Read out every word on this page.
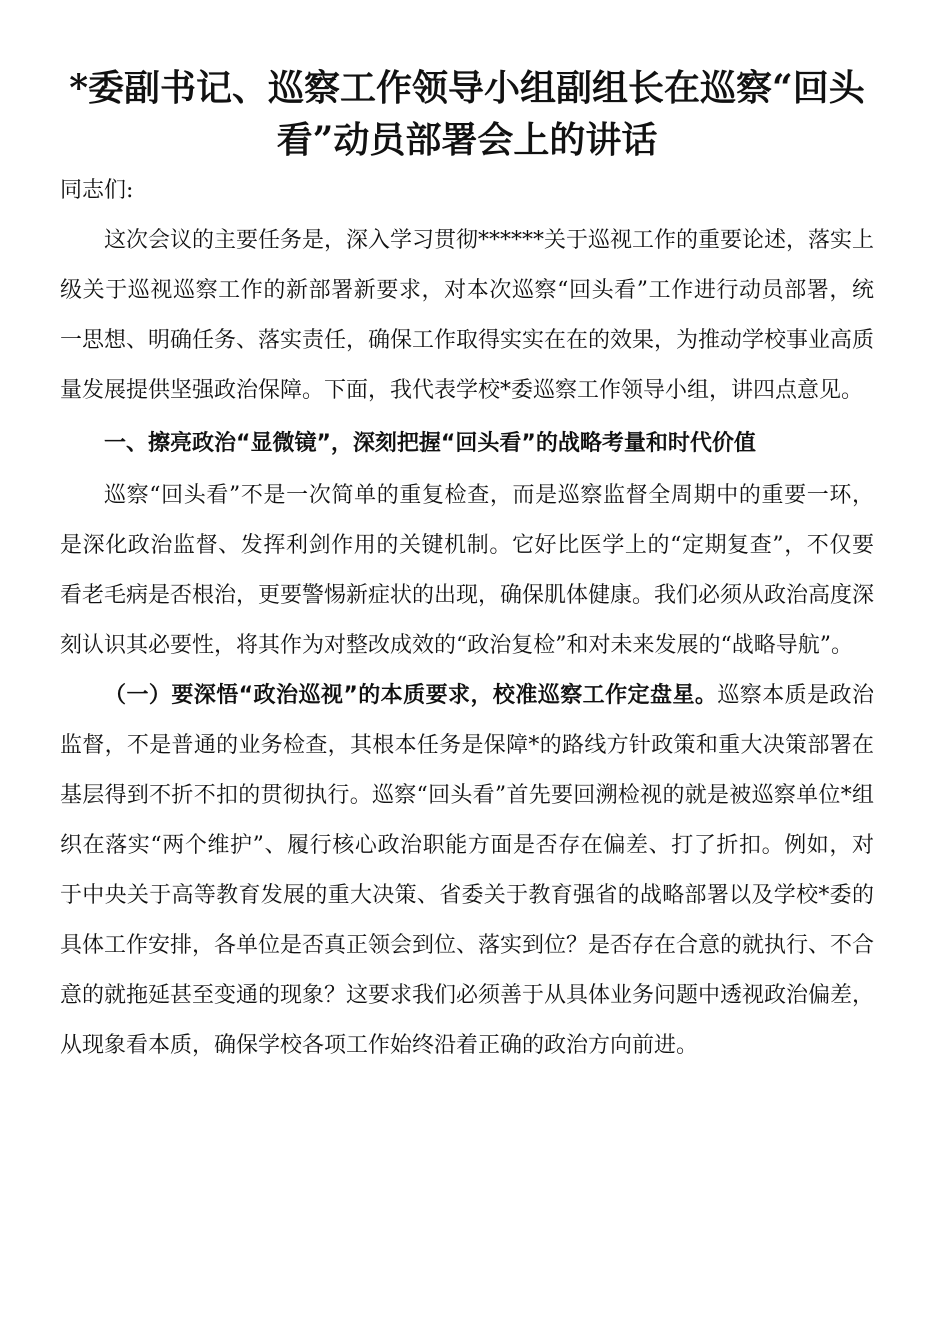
*委副书记、巡察工作领导小组副组长在巡察“回头看”动员部署会上的讲话

同志们:

这次会议的主要任务是，深入学习贯彻******关于巡视工作的重要论述，落实上级关于巡视巡察工作的新部署新要求，对本次巡察“回头看”工作进行动员部署，统一思想、明确任务、落实责任，确保工作取得实实在在的效果，为推动学校事业高质量发展提供坚强政治保障。下面，我代表学校*委巡察工作领导小组，讲四点意见。

一、擦亮政治“显微镜”，深刻把握“回头看”的战略考量和时代价值

巡察“回头看”不是一次简单的重复检查，而是巡察监督全周期中的重要一环，是深化政治监督、发挥利剑作用的关键机制。它好比医学上的“定期复查”，不仅要看老毛病是否根治，更要警惕新症状的出现，确保肌体健康。我们必须从政治高度深刻认识其必要性，将其作为对整改成效的“政治复检”和对未来发展的“战略导航”。

（一）要深悟“政治巡视”的本质要求，校准巡察工作定盘星。巡察本质是政治监督，不是普通的业务检查，其根本任务是保障*的路线方针政策和重大决策部署在基层得到不折不扣的贯彻执行。巡察“回头看”首先要回溯检视的就是被巡察单位*组织在落实“两个维护”、履行核心政治职能方面是否存在偏差、打了折扣。例如，对于中央关于高等教育发展的重大决策、省委关于教育强省的战略部署以及学校*委的具体工作安排，各单位是否真正领会到位、落实到位？是否存在合意的就执行、不合意的就拖延甚至变通的现象？这要求我们必须善于从具体业务问题中透视政治偏差，从现象看本质，确保学校各项工作始终沿着正确的政治方向前进。
